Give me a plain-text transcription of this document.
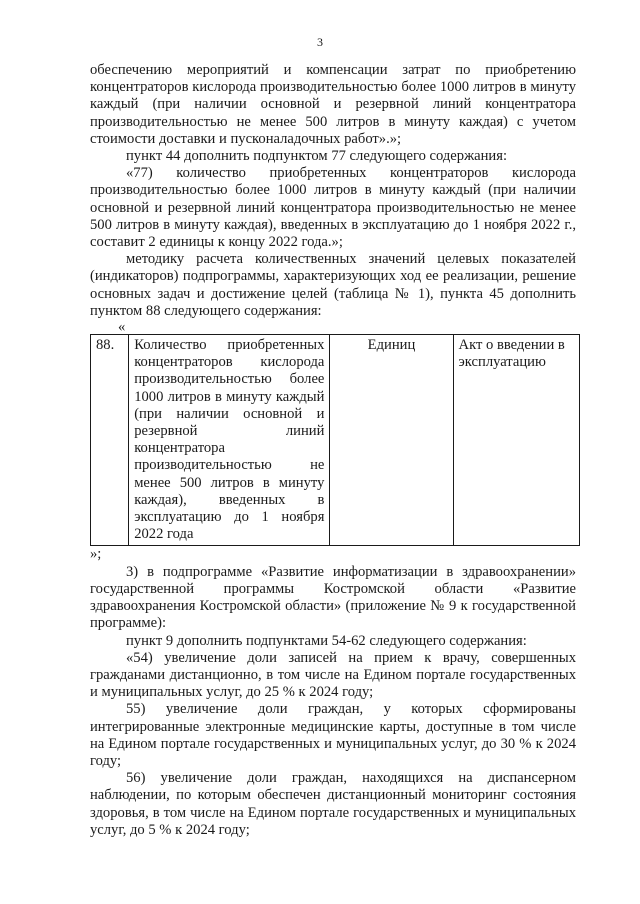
3

обеспечению мероприятий и компенсации затрат по приобретению концентраторов кислорода производительностью более 1000 литров в минуту каждый (при наличии основной и резервной линий концентратора производительностью не менее 500 литров в минуту каждая) с учетом стоимости доставки и пусконаладочных работ».»;

пункт 44 дополнить подпунктом 77 следующего содержания:

«77) количество приобретенных концентраторов кислорода производительностью более 1000 литров в минуту каждый (при наличии основной и резервной линий концентратора производительностью не менее 500 литров в минуту каждая), введенных в эксплуатацию до 1 ноября 2022 г., составит 2 единицы к концу 2022 года.»;

методику расчета количественных значений целевых показателей (индикаторов) подпрограммы, характеризующих ход ее реализации, решение основных задач и достижение целей (таблица № 1), пункта 45 дополнить пунктом 88 следующего содержания:

«

88.	Количество приобретенных концентраторов кислорода производительностью более 1000 литров в минуту каждый (при наличии основной и резервной линий концентратора производительностью не менее 500 литров в минуту каждая), введенных в эксплуатацию до 1 ноября 2022 года	Единиц	Акт о введении в эксплуатацию

»;

3) в подпрограмме «Развитие информатизации в здравоохранении» государственной программы Костромской области «Развитие здравоохранения Костромской области» (приложение № 9 к государственной программе):

пункт 9 дополнить подпунктами 54-62 следующего содержания:

«54) увеличение доли записей на прием к врачу, совершенных гражданами дистанционно, в том числе на Едином портале государственных и муниципальных услуг, до 25 % к 2024 году;

55) увеличение доли граждан, у которых сформированы интегрированные электронные медицинские карты, доступные в том числе на Едином портале государственных и муниципальных услуг, до 30 % к 2024 году;

56) увеличение доли граждан, находящихся на диспансерном наблюдении, по которым обеспечен дистанционный мониторинг состояния здоровья, в том числе на Едином портале государственных и муниципальных услуг, до 5 % к 2024 году;
